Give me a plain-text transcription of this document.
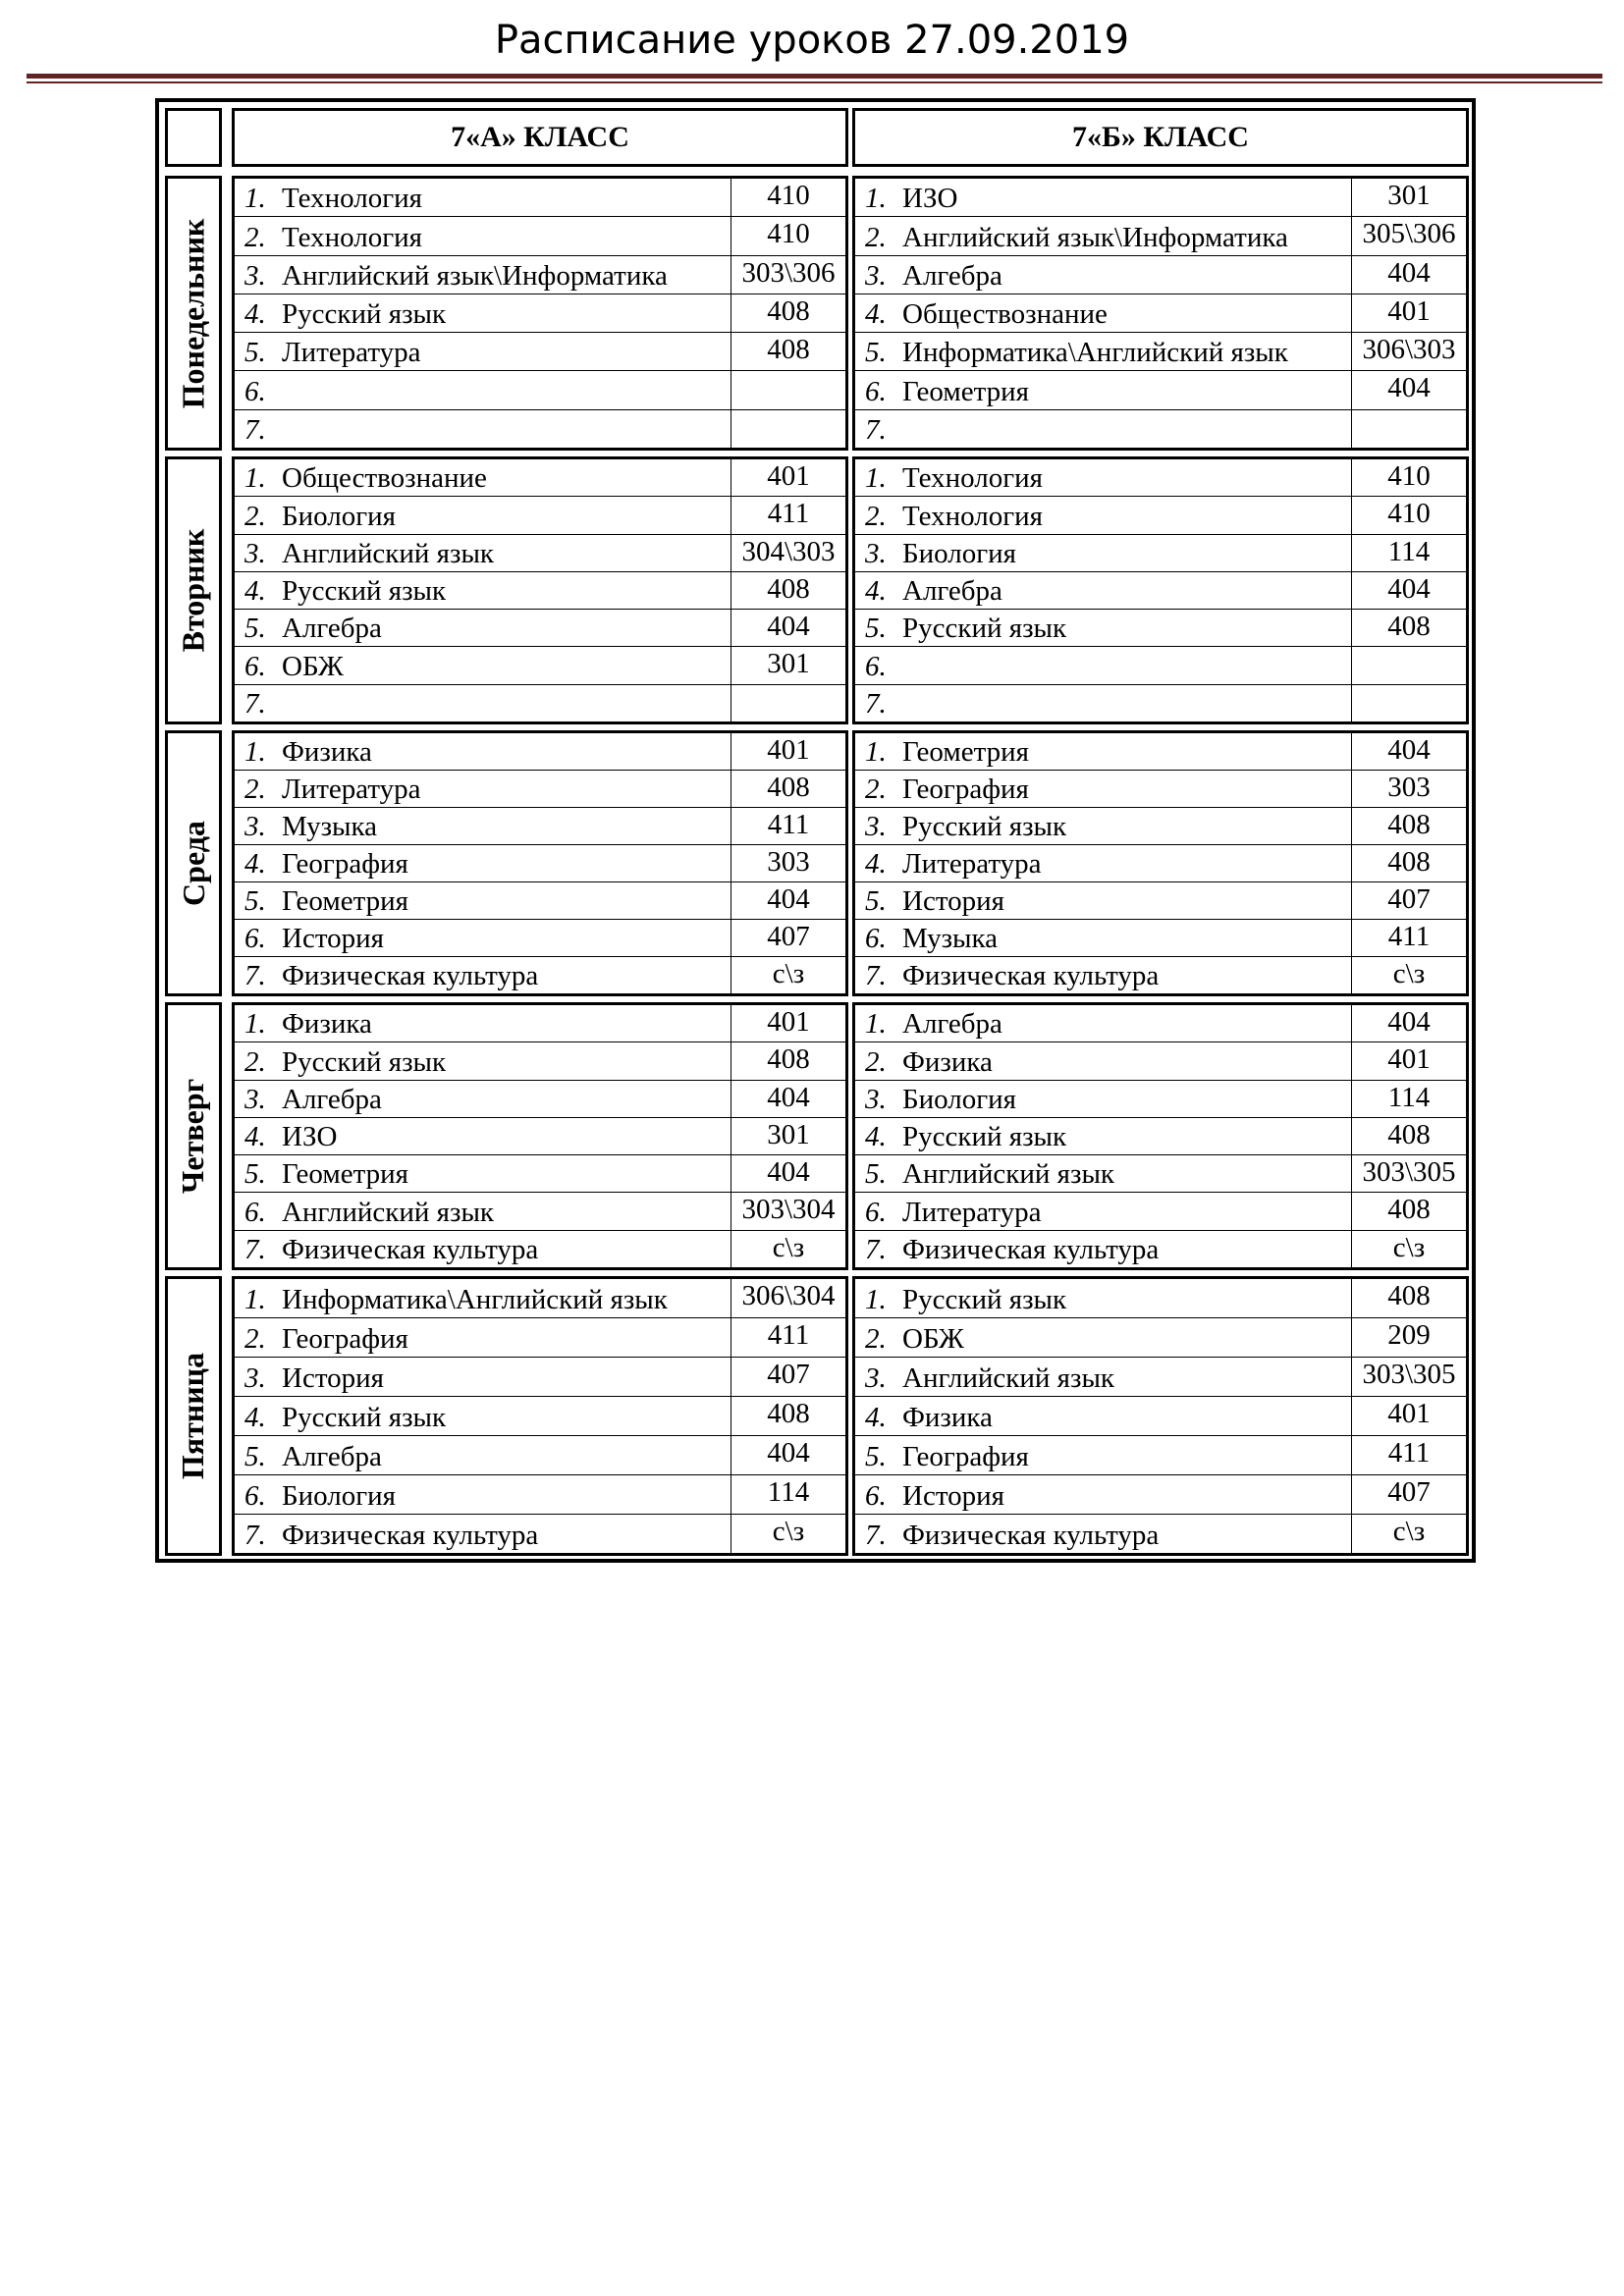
Расписание уроков 27.09.2019
7«А» КЛАСС	7«Б» КЛАСС
Понедельник
1. Технология	410
2. Технология	410
3. Английский язык\Информатика	303\306
4. Русский язык	408
5. Литература	408
6.
7.
1. ИЗО	301
2. Английский язык\Информатика	305\306
3. Алгебра	404
4. Обществознание	401
5. Информатика\Английский язык	306\303
6. Геометрия	404
7.
Вторник
1. Обществознание	401
2. Биология	411
3. Английский язык	304\303
4. Русский язык	408
5. Алгебра	404
6. ОБЖ	301
7.
1. Технология	410
2. Технология	410
3. Биология	114
4. Алгебра	404
5. Русский язык	408
6.
7.
Среда
1. Физика	401
2. Литература	408
3. Музыка	411
4. География	303
5. Геометрия	404
6. История	407
7. Физическая культура	с\з
1. Геометрия	404
2. География	303
3. Русский язык	408
4. Литература	408
5. История	407
6. Музыка	411
7. Физическая культура	с\з
Четверг
1. Физика	401
2. Русский язык	408
3. Алгебра	404
4. ИЗО	301
5. Геометрия	404
6. Английский язык	303\304
7. Физическая культура	с\з
1. Алгебра	404
2. Физика	401
3. Биология	114
4. Русский язык	408
5. Английский язык	303\305
6. Литература	408
7. Физическая культура	с\з
Пятница
1. Информатика\Английский язык	306\304
2. География	411
3. История	407
4. Русский язык	408
5. Алгебра	404
6. Биология	114
7. Физическая культура	с\з
1. Русский язык	408
2. ОБЖ	209
3. Английский язык	303\305
4. Физика	401
5. География	411
6. История	407
7. Физическая культура	с\з
